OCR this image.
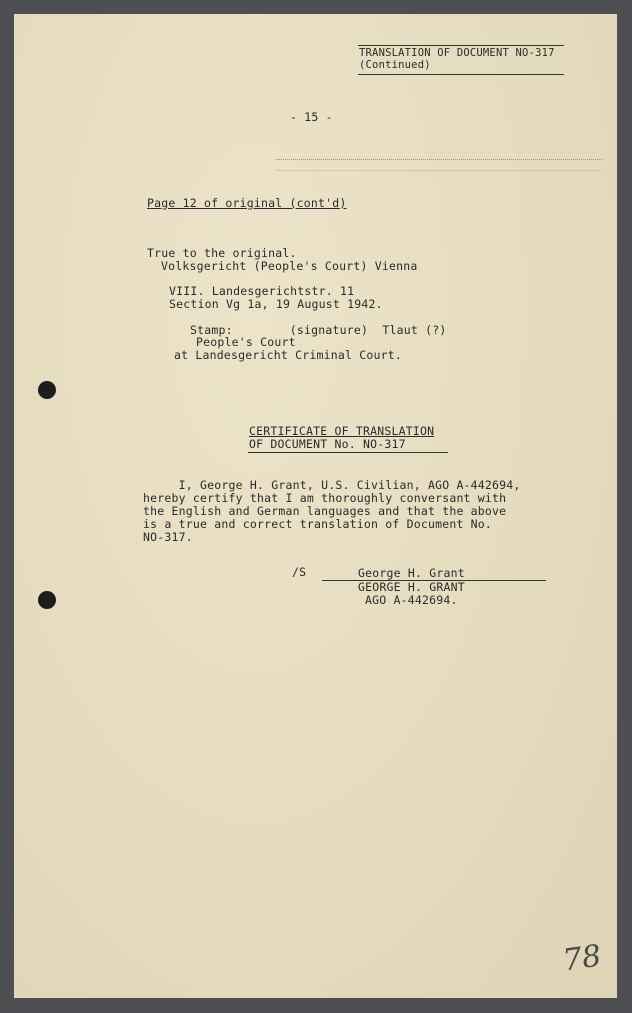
TRANSLATION OF DOCUMENT NO-317
(Continued)
- 15 -
Page 12 of original (cont'd)
True to the original.
Volksgericht (People's Court) Vienna
VIII. Landesgerichtstr. 11
Section Vg 1a, 19 August 1942.
Stamp:        (signature)  Tlaut (?)
People's Court
at Landesgericht Criminal Court.
CERTIFICATE OF TRANSLATION
OF DOCUMENT No. NO-317
I, George H. Grant, U.S. Civilian, AGO A-442694,
hereby certify that I am thoroughly conversant with
the English and German languages and that the above
is a true and correct translation of Document No.
NO-317.
/S	George H. Grant
GEORGE H. GRANT
AGO A-442694.
78
